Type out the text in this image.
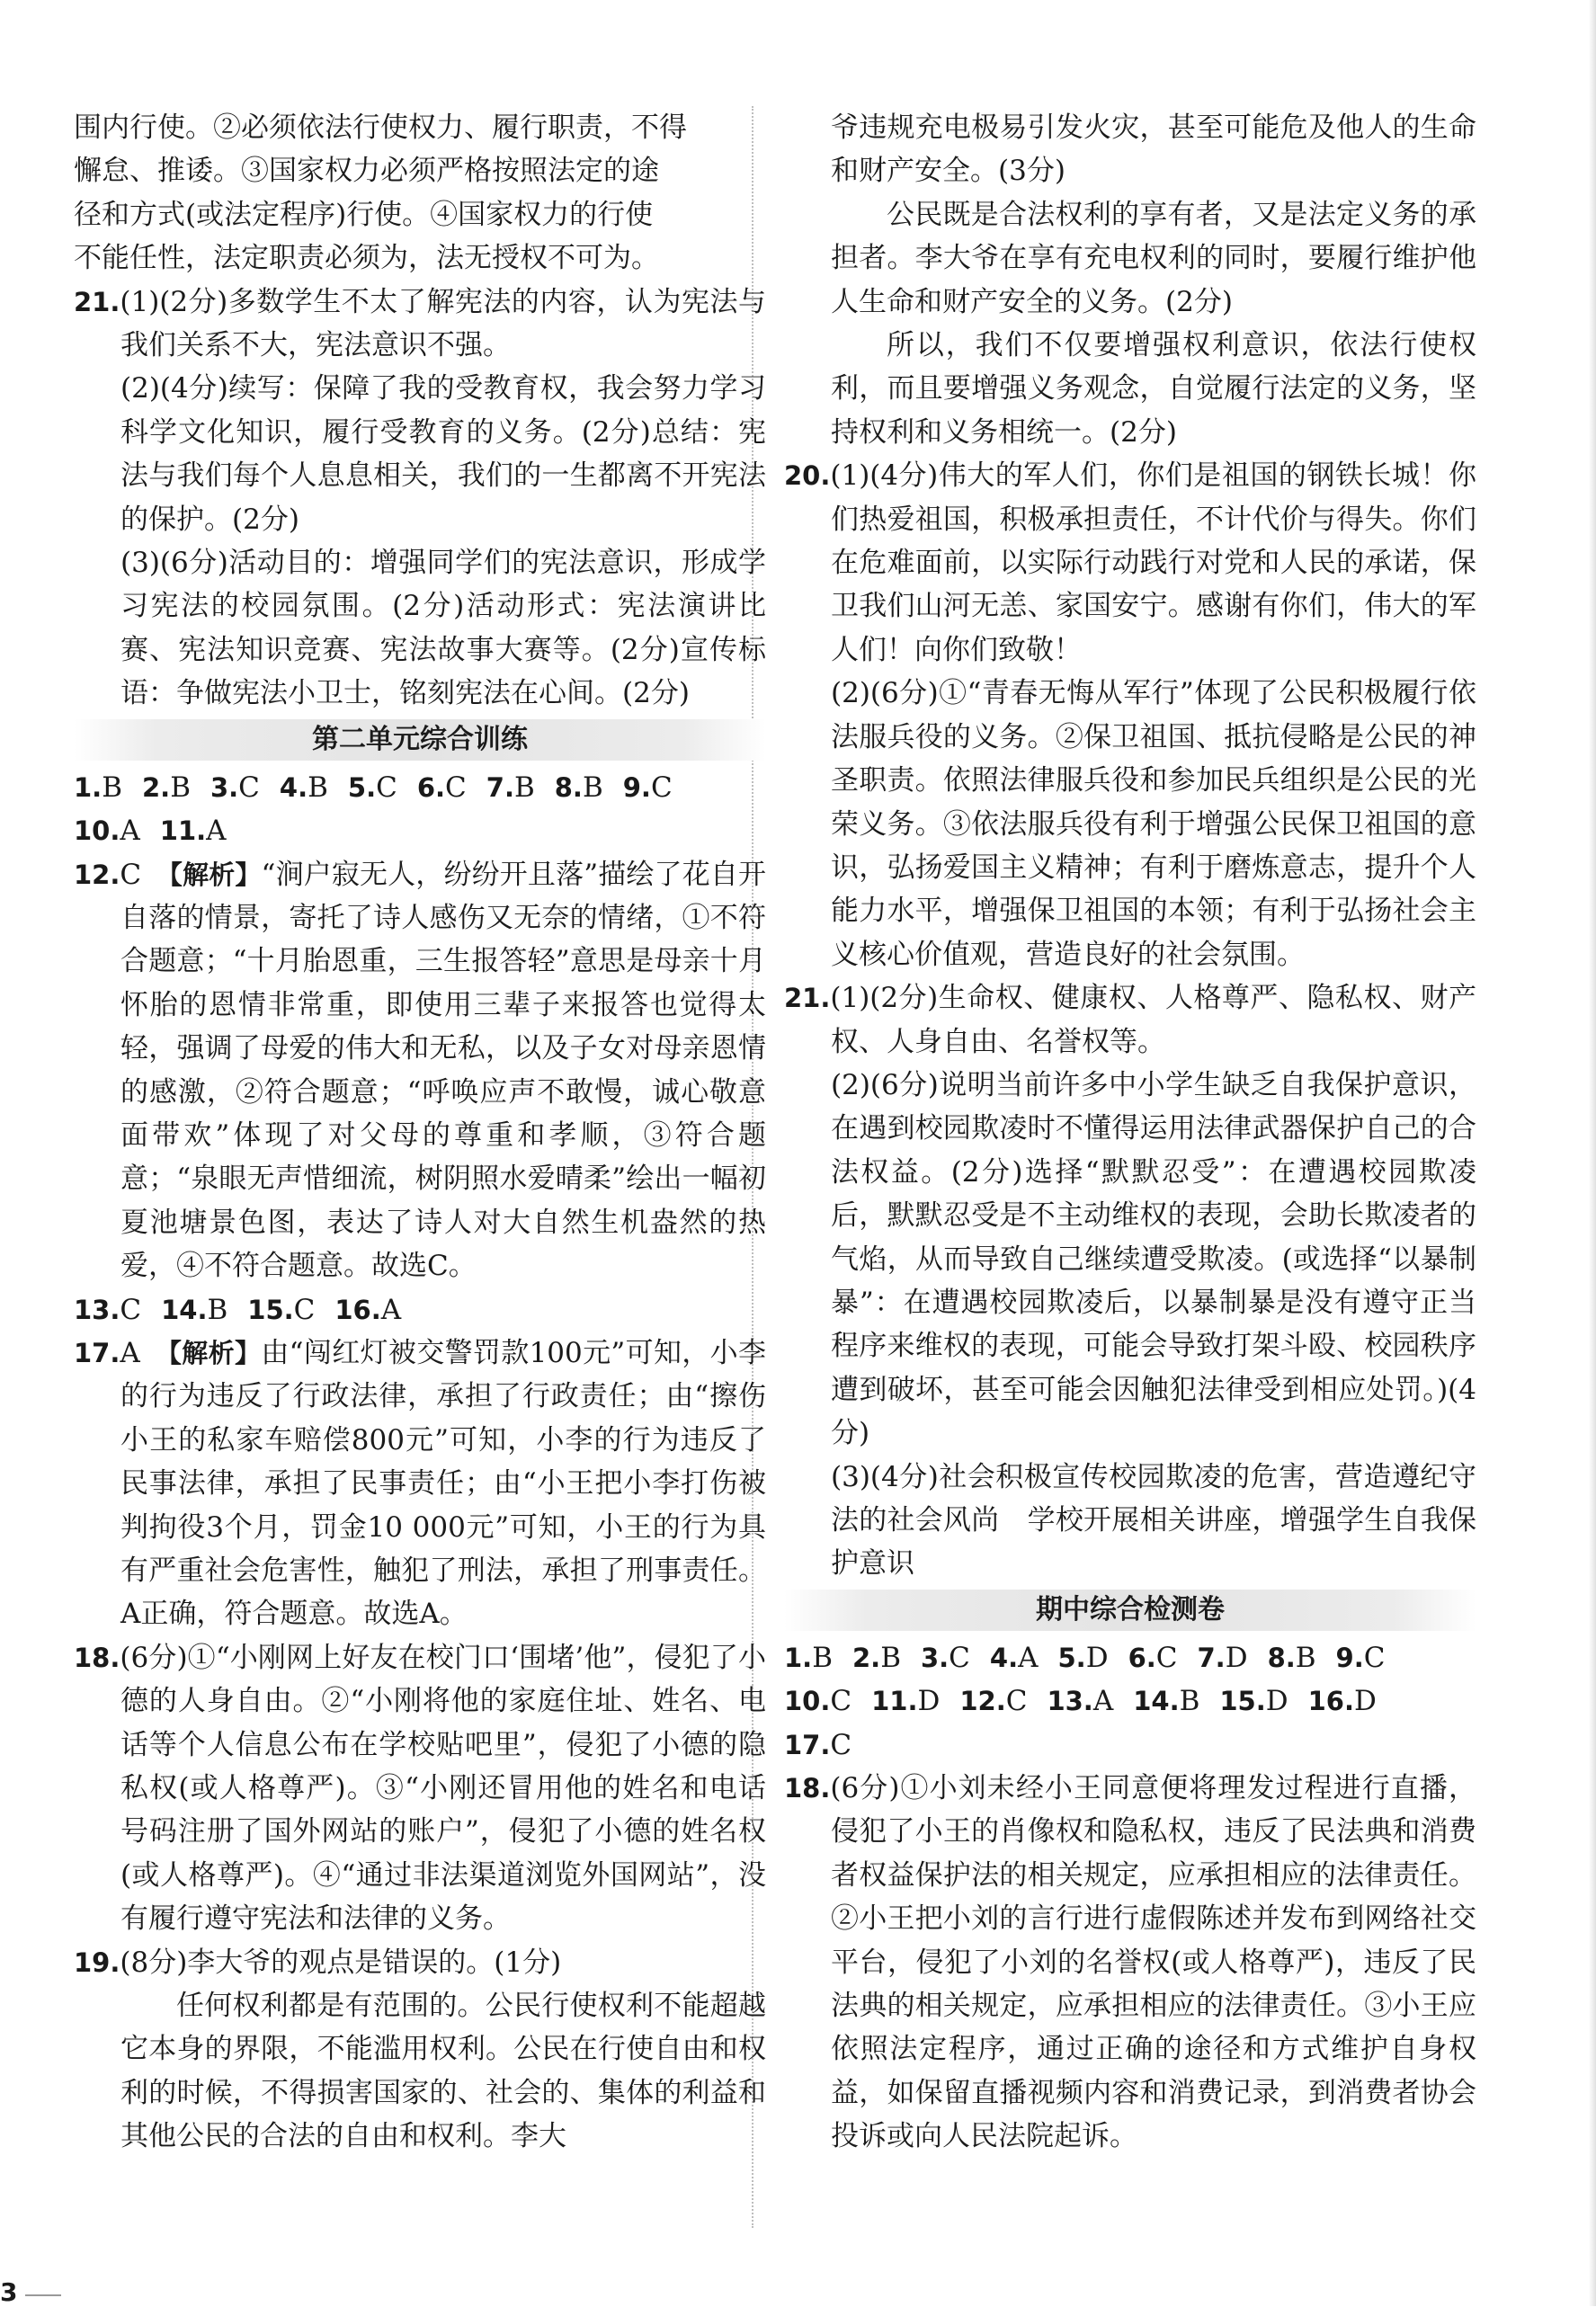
围内行使。②必须依法行使权力、履行职责，不得

懈怠、推诿。③国家权力必须严格按照法定的途

径和方式(或法定程序)行使。④国家权力的行使

不能任性，法定职责必须为，法无授权不可为。

21.(1)(2分)多数学生不太了解宪法的内容，认为宪法与我们关系不大，宪法意识不强。

(2)(4分)续写：保障了我的受教育权，我会努力学习科学文化知识，履行受教育的义务。(2分)总结：宪法与我们每个人息息相关，我们的一生都离不开宪法的保护。(2分)

(3)(6分)活动目的：增强同学们的宪法意识，形成学习宪法的校园氛围。(2分)活动形式：宪法演讲比赛、宪法知识竞赛、宪法故事大赛等。(2分)宣传标语：争做宪法小卫士，铭刻宪法在心间。(2分)

第二单元综合训练

1.B 2.B 3.C 4.B 5.C 6.C 7.B 8.B 9.C

10.A 11.A

12.C　 【解析】“涧户寂无人，纷纷开且落”描绘了花自开自落的情景，寄托了诗人感伤又无奈的情绪，①不符合题意；“十月胎恩重，三生报答轻”意思是母亲十月怀胎的恩情非常重，即使用三辈子来报答也觉得太轻，强调了母爱的伟大和无私，以及子女对母亲恩情的感激，②符合题意；“呼唤应声不敢慢，诚心敬意面带欢”体现了对父母的尊重和孝顺，③符合题意；“泉眼无声惜细流，树阴照水爱晴柔”绘出一幅初夏池塘景色图，表达了诗人对大自然生机盎然的热爱，④不符合题意。故选C。

13.C 14.B 15.C 16.A

17.A　 【解析】由“闯红灯被交警罚款100元”可知，小李的行为违反了行政法律，承担了行政责任；由“擦伤小王的私家车赔偿800元”可知，小李的行为违反了民事法律，承担了民事责任；由“小王把小李打伤被判拘役3个月，罚金10 000元”可知，小王的行为具有严重社会危害性，触犯了刑法，承担了刑事责任。A正确，符合题意。故选A。

18.(6分)①“小刚网上好友在校门口‘围堵’他”，侵犯了小德的人身自由。②“小刚将他的家庭住址、姓名、电话等个人信息公布在学校贴吧里”，侵犯了小德的隐私权(或人格尊严)。③“小刚还冒用他的姓名和电话号码注册了国外网站的账户”，侵犯了小德的姓名权(或人格尊严)。④“通过非法渠道浏览外国网站”，没有履行遵守宪法和法律的义务。

19.(8分)李大爷的观点是错误的。(1分)

任何权利都是有范围的。公民行使权利不能超越它本身的界限，不能滥用权利。公民在行使自由和权利的时候，不得损害国家的、社会的、集体的利益和其他公民的合法的自由和权利。李大

爷违规充电极易引发火灾，甚至可能危及他人的生命和财产安全。(3分)

公民既是合法权利的享有者，又是法定义务的承担者。李大爷在享有充电权利的同时，要履行维护他人生命和财产安全的义务。(2分)

所以，我们不仅要增强权利意识，依法行使权利，而且要增强义务观念，自觉履行法定的义务，坚持权利和义务相统一。(2分)

20.(1)(4分)伟大的军人们，你们是祖国的钢铁长城！你们热爱祖国，积极承担责任，不计代价与得失。你们在危难面前，以实际行动践行对党和人民的承诺，保卫我们山河无恙、家国安宁。感谢有你们，伟大的军人们！向你们致敬！

(2)(6分)①“青春无悔从军行”体现了公民积极履行依法服兵役的义务。②保卫祖国、抵抗侵略是公民的神圣职责。依照法律服兵役和参加民兵组织是公民的光荣义务。③依法服兵役有利于增强公民保卫祖国的意识，弘扬爱国主义精神；有利于磨炼意志，提升个人能力水平，增强保卫祖国的本领；有利于弘扬社会主义核心价值观，营造良好的社会氛围。

21.(1)(2分)生命权、健康权、人格尊严、隐私权、财产权、人身自由、名誉权等。

(2)(6分)说明当前许多中小学生缺乏自我保护意识，在遇到校园欺凌时不懂得运用法律武器保护自己的合法权益。(2分)选择“默默忍受”：在遭遇校园欺凌后，默默忍受是不主动维权的表现，会助长欺凌者的气焰，从而导致自己继续遭受欺凌。(或选择“以暴制暴”：在遭遇校园欺凌后，以暴制暴是没有遵守正当程序来维权的表现，可能会导致打架斗殴、校园秩序遭到破坏，甚至可能会因触犯法律受到相应处罚。)(4分)

(3)(4分)社会积极宣传校园欺凌的危害，营造遵纪守法的社会风尚　学校开展相关讲座，增强学生自我保护意识

期中综合检测卷

1.B 2.B 3.C 4.A 5.D 6.C 7.D 8.B 9.C

10.C 11.D 12.C 13.A 14.B 15.D 16.D

17.C

18.(6分)①小刘未经小王同意便将理发过程进行直播，侵犯了小王的肖像权和隐私权，违反了民法典和消费者权益保护法的相关规定，应承担相应的法律责任。②小王把小刘的言行进行虚假陈述并发布到网络社交平台，侵犯了小刘的名誉权(或人格尊严)，违反了民法典的相关规定，应承担相应的法律责任。③小王应依照法定程序，通过正确的途径和方式维护自身权益，如保留直播视频内容和消费记录，到消费者协会投诉或向人民法院起诉。

3
